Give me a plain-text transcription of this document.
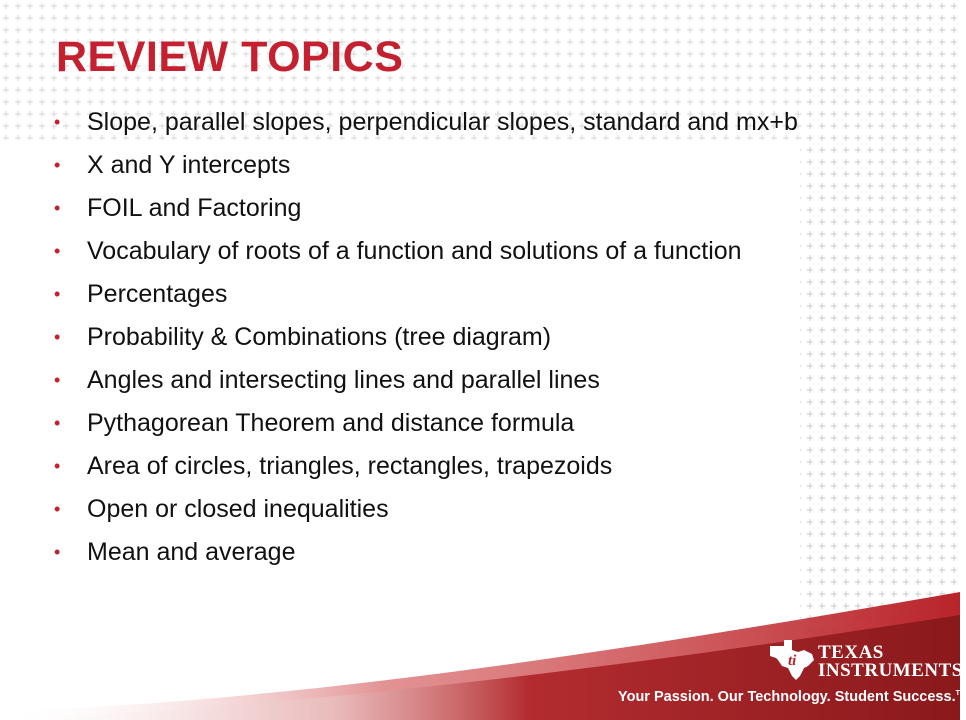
REVIEW TOPICS
• Slope, parallel slopes, perpendicular slopes, standard and mx+b
• X and Y intercepts
• FOIL and Factoring
• Vocabulary of roots of a function and solutions of a function
• Percentages
• Probability & Combinations (tree diagram)
• Angles and intersecting lines and parallel lines
• Pythagorean Theorem and distance formula
• Area of circles, triangles, rectangles, trapezoids
• Open or closed inequalities
• Mean and average
ti TEXAS
INSTRUMENTS
Your Passion. Our Technology. Student Success.™
